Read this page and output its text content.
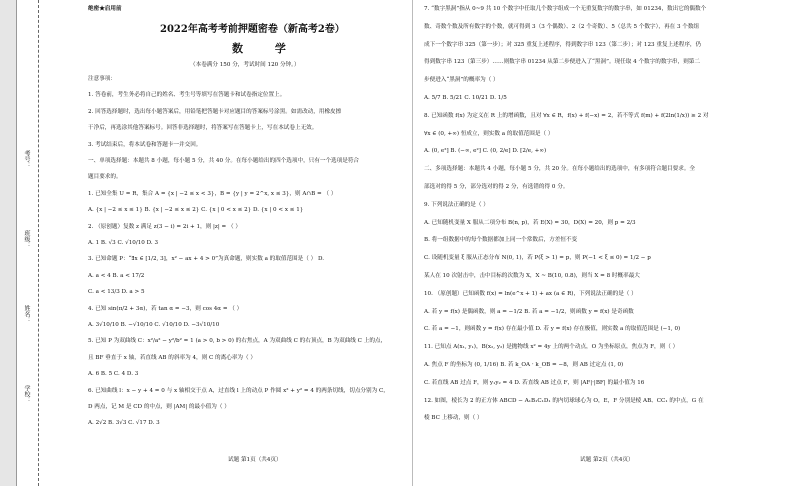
考号：
班级：
姓名：
学校：
绝密★启用前
2022年高考考前押题密卷（新高考2卷）
数 学
（本卷满分 150 分，考试时间 120 分钟。）
注意事项：
1. 答卷前，考生务必将自己的姓名、考生号等填写在答题卡和试卷指定位置上。
2. 回答选择题时，选出每小题答案后，用铅笔把答题卡对应题目的答案标号涂黑。如需改动，用橡皮擦
干净后，再选涂其他答案标号。回答非选择题时，将答案写在答题卡上，写在本试卷上无效。
3. 考试结束后，将本试卷和答题卡一并交回。
一、单项选择题：本题共 8 小题，每小题 5 分，共 40 分。在每小题给出的四个选项中，只有一个选项是符合
题目要求的。
1. 已知全集 U = R，集合 A = {x | −2 ≤ x < 3}，B = {y | y = 2^x, x ≤ 3}，则 A∩B = （ ）
A. {x | −2 ≤ x ≤ 1} B. {x | −2 ≤ x ≤ 2} C. {x | 0 < x ≤ 2} D. {x | 0 < x ≤ 1}
2. （原创题）复数 z 满足 z(3 − i) = 2i + 1，则 |z| = （ ）
A. 1 B. √3 C. √10/10 D. 3
3. 已知命题 P：“∃x ∈ [1/2, 3]，x² − ax + 4 > 0”为真命题，则实数 a 的取值范围是（ ） D.
A. a < 4 B. a < 17/2
C. a < 13/3 D. a > 5
4. 已知 sin(π/2 + 3α)，若 tan α = −3，则 cos 4α = （ ）
A. 3√10/10 B. −√10/10 C. √10/10 D. −3√10/10
5. 已知 P 为双曲线 C：x²/a² − y²/b² = 1 (a > 0, b > 0) 的右焦点，A 为双曲线 C 的右顶点，B 为双曲线 C 上的点，
且 BF 垂直于 x 轴，若直线 AB 的斜率为 4，则 C 的离心率为（ ）
A. 6 B. 5 C. 4 D. 3
6. 已知曲线 l：x − y + 4 = 0 与 x 轴相交于点 A，过直线 l 上的动点 P 作圆 x² + y² = 4 的两条切线，切点分别为 C，
D 两点，记 M 是 CD 的中点，则 |AM| 的最小值为（ ）
A. 2√2 B. 3√3 C. √17 D. 3
7. “数字黑洞”指从 0~9 共 10 个数字中任取几个数字组成一个无重复数字的数字串，如 01234，数出它的偶数个
数、奇数个数及所有数字的个数，就可得到 3（3 个偶数）、2（2 个奇数）、5（总共 5 个数字），再在 3 个数组
成下一个数字串 325（第一步）；对 325 重复上述程序，得到数字串 123（第二步）；对 123 重复上述程序，仍
得到数字串 123（第三步）……则数字串 01234 从第二步便进入了“黑洞”。现任取 4 个数字的数字串，则第二
步便进入“黑洞”的概率为（ ）
A. 5/7 B. 5/21 C. 10/21 D. 1/5
8. 已知函数 f(x) 为定义在 R 上的增函数，且对 ∀x ∈ R，f(x) + f(−x) = 2，若不等式 f(m) + f(2ln(1/x)) ≥ 2 对
∀x ∈ (0, +∞) 恒成立，则实数 a 的取值范围是（ ）
A. (0, e²] B. (−∞, e²] C. (0, 2/e] D. [2/e, +∞)
二、多项选择题：本题共 4 小题，每小题 5 分，共 20 分。在每小题给出的选项中，有多项符合题目要求。全
部选对的得 5 分，部分选对的得 2 分，有选错的得 0 分。
9. 下列说法正确的是（ ）
A. 已知随机变量 X 服从二项分布 B(n, p)，若 E(X) = 30，D(X) = 20，则 p = 2/3
B. 将一组数据中的每个数据都加上同一个常数后，方差恒不变
C. 设随机变量 ξ 服从正态分布 N(0, 1)，若 P(ξ > 1) = p，则 P(−1 < ξ ≤ 0) = 1/2 − p
某人在 10 次射击中，击中目标的次数为 X，X ~ B(10, 0.8)，则当 X = 8 时概率最大
10. （原创题）已知函数 f(x) = ln(e^x + 1) + ax (a ∈ R)，下列说法正确的是（ ）
A. 若 y = f(x) 是偶函数，则 a = −1/2 B. 若 a = −1/2，则函数 y = f(x) 是奇函数
C. 若 a = −1，则函数 y = f(x) 存在最小值 D. 若 y = f(x) 存在极值，则实数 a 的取值范围是 (−1, 0)
11. 已知点 A(x₁, y₁)，B(x₂, y₂) 是抛物线 x² = 4y 上的两个动点，O 为坐标原点，焦点为 F，则（ ）
A. 焦点 F 的坐标为 (0, 1/16) B. 若 k_OA · k_OB = −8，则 AB 过定点 (1, 0)
C. 若直线 AB 过点 F，则 y₁y₂ = 4 D. 若直线 AB 过点 F，则 |AF|·|BF| 的最小值为 16
12. 如图，棱长为 2 的正方体 ABCD − A₁B₁C₁D₁ 的内切球球心为 O，E，F 分别是棱 AB、CC₁ 的中点，G 在
棱 BC 上移动，则（ ）
试题 第1页（共4页）	试题 第2页（共4页）
